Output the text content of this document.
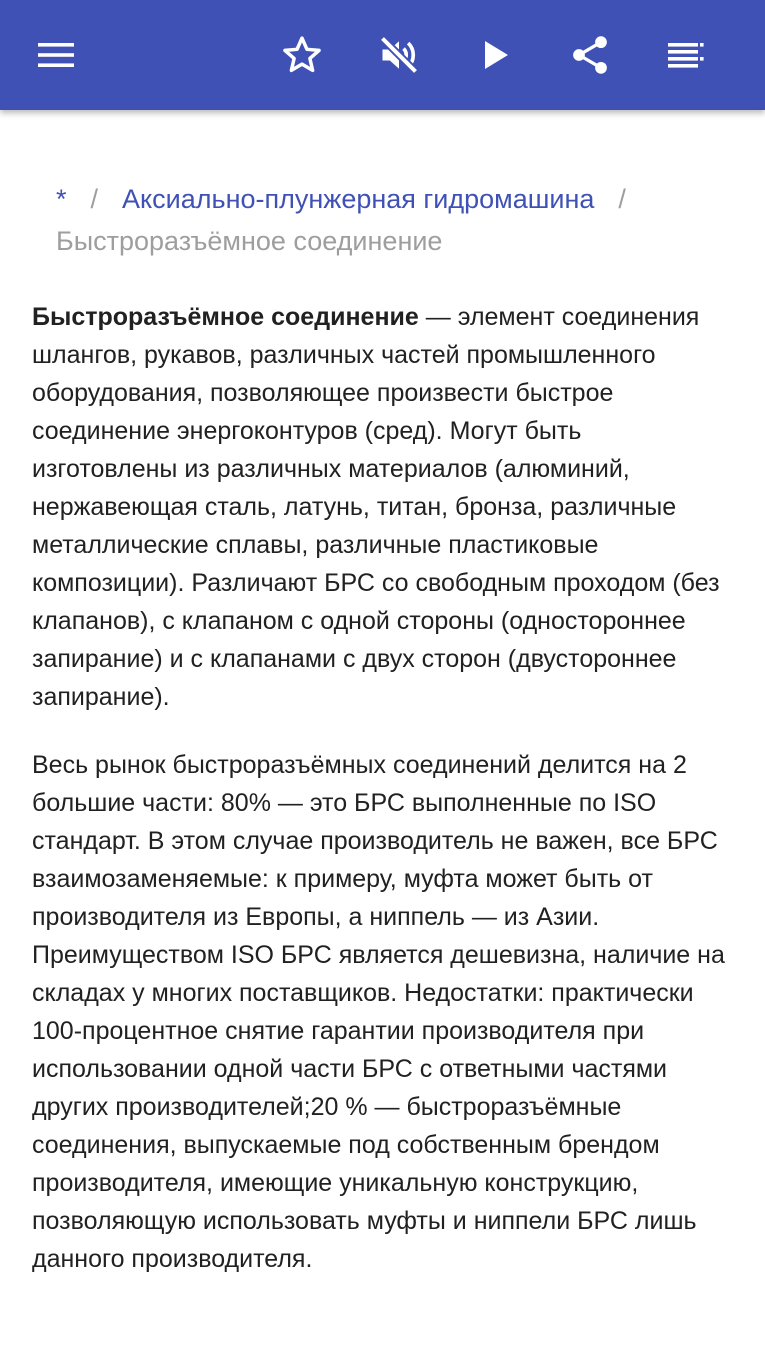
* / Аксиально-плунжерная гидромашина /Быстроразъёмное соединение

Быстроразъёмное соединение — элемент соединения шлангов, рукавов, различных частей промышленного оборудования, позволяющее произвести быстрое соединение энергоконтуров (сред). Могут быть изготовлены из различных материалов (алюминий, нержавеющая сталь, латунь, титан, бронза, различные металлические сплавы, различные пластиковые композиции). Различают БРС со свободным проходом (без клапанов), с клапаном с одной стороны (одностороннее запирание) и с клапанами с двух сторон (двустороннее запирание).

Весь рынок быстроразъёмных соединений делится на 2 большие части: 80% — это БРС выполненные по ISO стандарт. В этом случае производитель не важен, все БРС взаимозаменяемые: к примеру, муфта может быть от производителя из Европы, а ниппель — из Азии. Преимуществом ISO БРС является дешевизна, наличие на складах у многих поставщиков. Недостатки: практически 100-процентное снятие гарантии производителя при использовании одной части БРС с ответными частями других производителей;20 % — быстроразъёмные соединения, выпускаемые под собственным брендом производителя, имеющие уникальную конструкцию, позволяющую использовать муфты и ниппели БРС лишь данного производителя.
